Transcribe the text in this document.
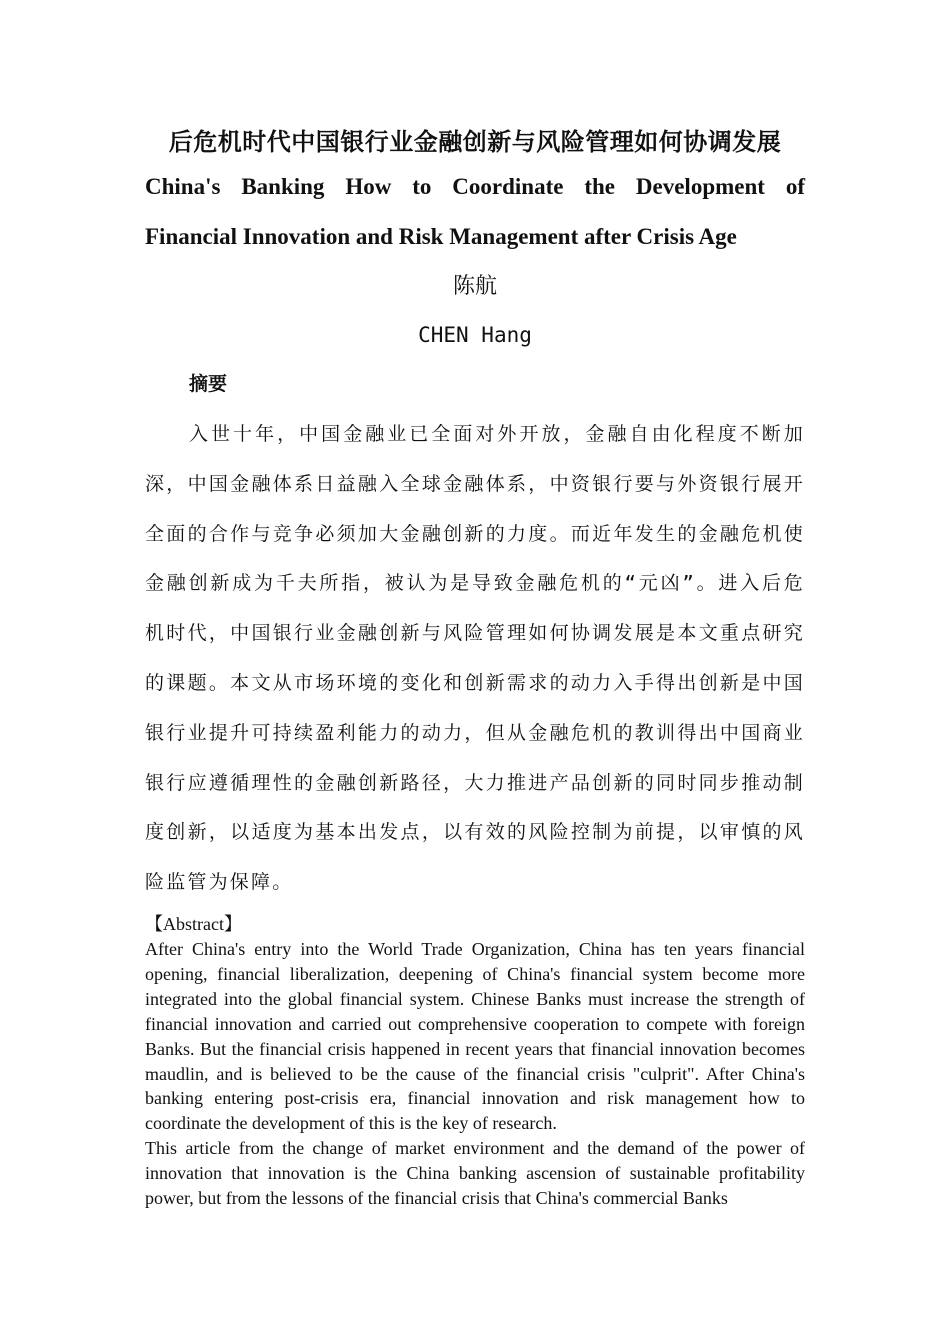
后危机时代中国银行业金融创新与风险管理如何协调发展
China's Banking How to Coordinate the Development of
Financial Innovation and Risk Management after Crisis Age

陈航

CHEN Hang

摘要

入世十年，中国金融业已全面对外开放，金融自由化程度不断加深，中国金融体系日益融入全球金融体系，中资银行要与外资银行展开全面的合作与竞争必须加大金融创新的力度。而近年发生的金融危机使金融创新成为千夫所指，被认为是导致金融危机的“元凶”。进入后危机时代，中国银行业金融创新与风险管理如何协调发展是本文重点研究的课题。本文从市场环境的变化和创新需求的动力入手得出创新是中国银行业提升可持续盈利能力的动力，但从金融危机的教训得出中国商业银行应遵循理性的金融创新路径，大力推进产品创新的同时同步推动制度创新，以适度为基本出发点，以有效的风险控制为前提，以审慎的风险监管为保障。

【Abstract】

After China's entry into the World Trade Organization, China has ten years financial opening, financial liberalization, deepening of China's financial system become more integrated into the global financial system. Chinese Banks must increase the strength of financial innovation and carried out comprehensive cooperation to compete with foreign Banks. But the financial crisis happened in recent years that financial innovation becomes maudlin, and is believed to be the cause of the financial crisis "culprit". After China's banking entering post-crisis era, financial innovation and risk management how to coordinate the development of this is the key of research.

This article from the change of market environment and the demand of the power of innovation that innovation is the China banking ascension of sustainable profitability power, but from the lessons of the financial crisis that China's commercial Banks
